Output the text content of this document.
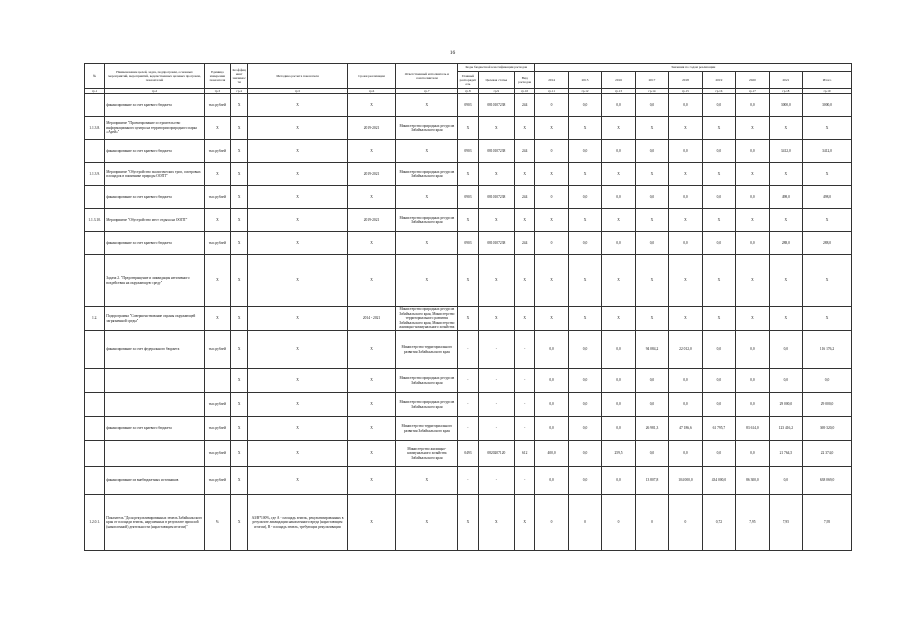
16
№	Наименование целей, задач, подпрограмм, основных мероприятий, мероприятий, ведомственных целевых программ, показателей	Единица измерения показателя	Коэффициент значимости	Методика расчета показателя	Сроки реализации	Ответственный исполнитель и соисполнители	Коды бюджетной классификации расходов			Значения по годам реализации								
							Главный распорядитель	Целевая статья	Вид расходов	2014	2015	2016	2017	2018	2019	2020	2021	Итого
гр.1	гр.2	гр.3	гр.4	гр.5	гр.6	гр.7	гр.8	гр.9	гр.10	гр.11	гр.12	гр.13	гр.14	гр.15	гр.16	гр.17	гр.18	гр.19
	финансирование за счет краевого бюджета	тыс.рублей	X	X	X	X	0903	0810107238	244	0	0,0	0,0	0,0	0,0	0,0	0,0	3000,0	3000,0
1.1.3.8.	Мероприятие "Проектирование и строительство информационного центра на территории природного парка «Арей»"	X	X	X	2019-2021	Министерство природных ресурсов Забайкальского края	X	X	X	X	X	X	X	X	X	X	X	X
	финансирование за счет краевого бюджета	тыс.рублей	X	X	X	X	0903	0810107238	244	0	0,0	0,0	0,0	0,0	0,0	0,0	3412,0	3412,0
1.1.3.9.	Мероприятие "Обустройство экологических троп, смотровых площадок в памятнике природы ООПТ"	X	X	X	2019-2021	Министерство природных ресурсов Забайкальского края	X	X	X	X	X	X	X	X	X	X	X	X
	финансирование за счет краевого бюджета	тыс.рублей	X	X	X	X	0903	0810107238	244	0	0,0	0,0	0,0	0,0	0,0	0,0	498,0	498,0
1.1.3.10.	Мероприятие "Обустройство мест отдыха на ООПТ"	X	X	X	2019-2021	Министерство природных ресурсов Забайкальского края	X	X	X	X	X	X	X	X	X	X	X	X
	финансирование за счет краевого бюджета	тыс.рублей	X	X	X	X	0903	0810107238	244	0	0,0	0,0	0,0	0,0	0,0	0,0	288,0	288,0
	Задача 2. "Предотвращение и ликвидация негативного воздействия на окружающую среду"	X	X	X	X	X	X	X	X	X	X	X	X	X	X	X	X	X
1.2.	Подпрограмма "Совершенствование охраны окружающей загрязненной среды"	X	X	X	2014 - 2021	Министерство природных ресурсов Забайкальского края, Министерство территориального развития Забайкальского края, Министерство жилищно-коммунального хозяйства	X	X	X	X	X	X	X	X	X	X	X	X
	финансирование за счет федерального бюджета	тыс.рублей	X	X	X	Министерство территориального развития Забайкальского края	-	-	-	0,0	0,0	0,0	94 084,2	22 012,0	0,0	0,0	0,0	116 176,2
			X	X	X	Министерство природных ресурсов Забайкальского края	-	-	-	0,0	0,0	0,0	0,0	0,0	0,0	0,0	0,0	0,0
		тыс.рублей	X	X	X	Министерство природных ресурсов Забайкальского края	-	-	-	0,0	0,0	0,0	0,0	0,0	0,0	0,0	29 000,0	29 000,0
	финансирование за счет краевого бюджета	тыс.рублей	X	X	X	Министерство территориального развития Забайкальского края	-	-	-	0,0	0,0	0,0	26 981,3	47 186,6	61 795,7	83 614,0	123 416,2	369 320,0
		тыс.рублей	X	X	X	Министерство жилищно-коммунального хозяйства Забайкальского края	0493	0820207120	612	400,0	0,0	259,5	0,0	0,0	0,0	0,0	21 764,5	22 374,0
	финансирование из внебюджетных источников	тыс.рублей	X	X	X	X	-	-	-	0,0	0,0	0,0	13 807,8	104 000,0	434 000,0	86 300,0	0,0	638 069,0
1.2.0.1.	Показатель "Доля рекультивированных земель Забайкальского края от площади земель, нарушенных в результате прошлой (накопленной) деятельности (нарастающим итогом)"	%	X	АЗ/В*100%, где А - площадь земель, рекультивированных в результате ликвидации накопленного вреда (нарастающим итогом), В - площадь земель, требующих рекультивации	X	X	X	X	X	0	0	0	0	0	0,72	7,95	7,95	7,95
